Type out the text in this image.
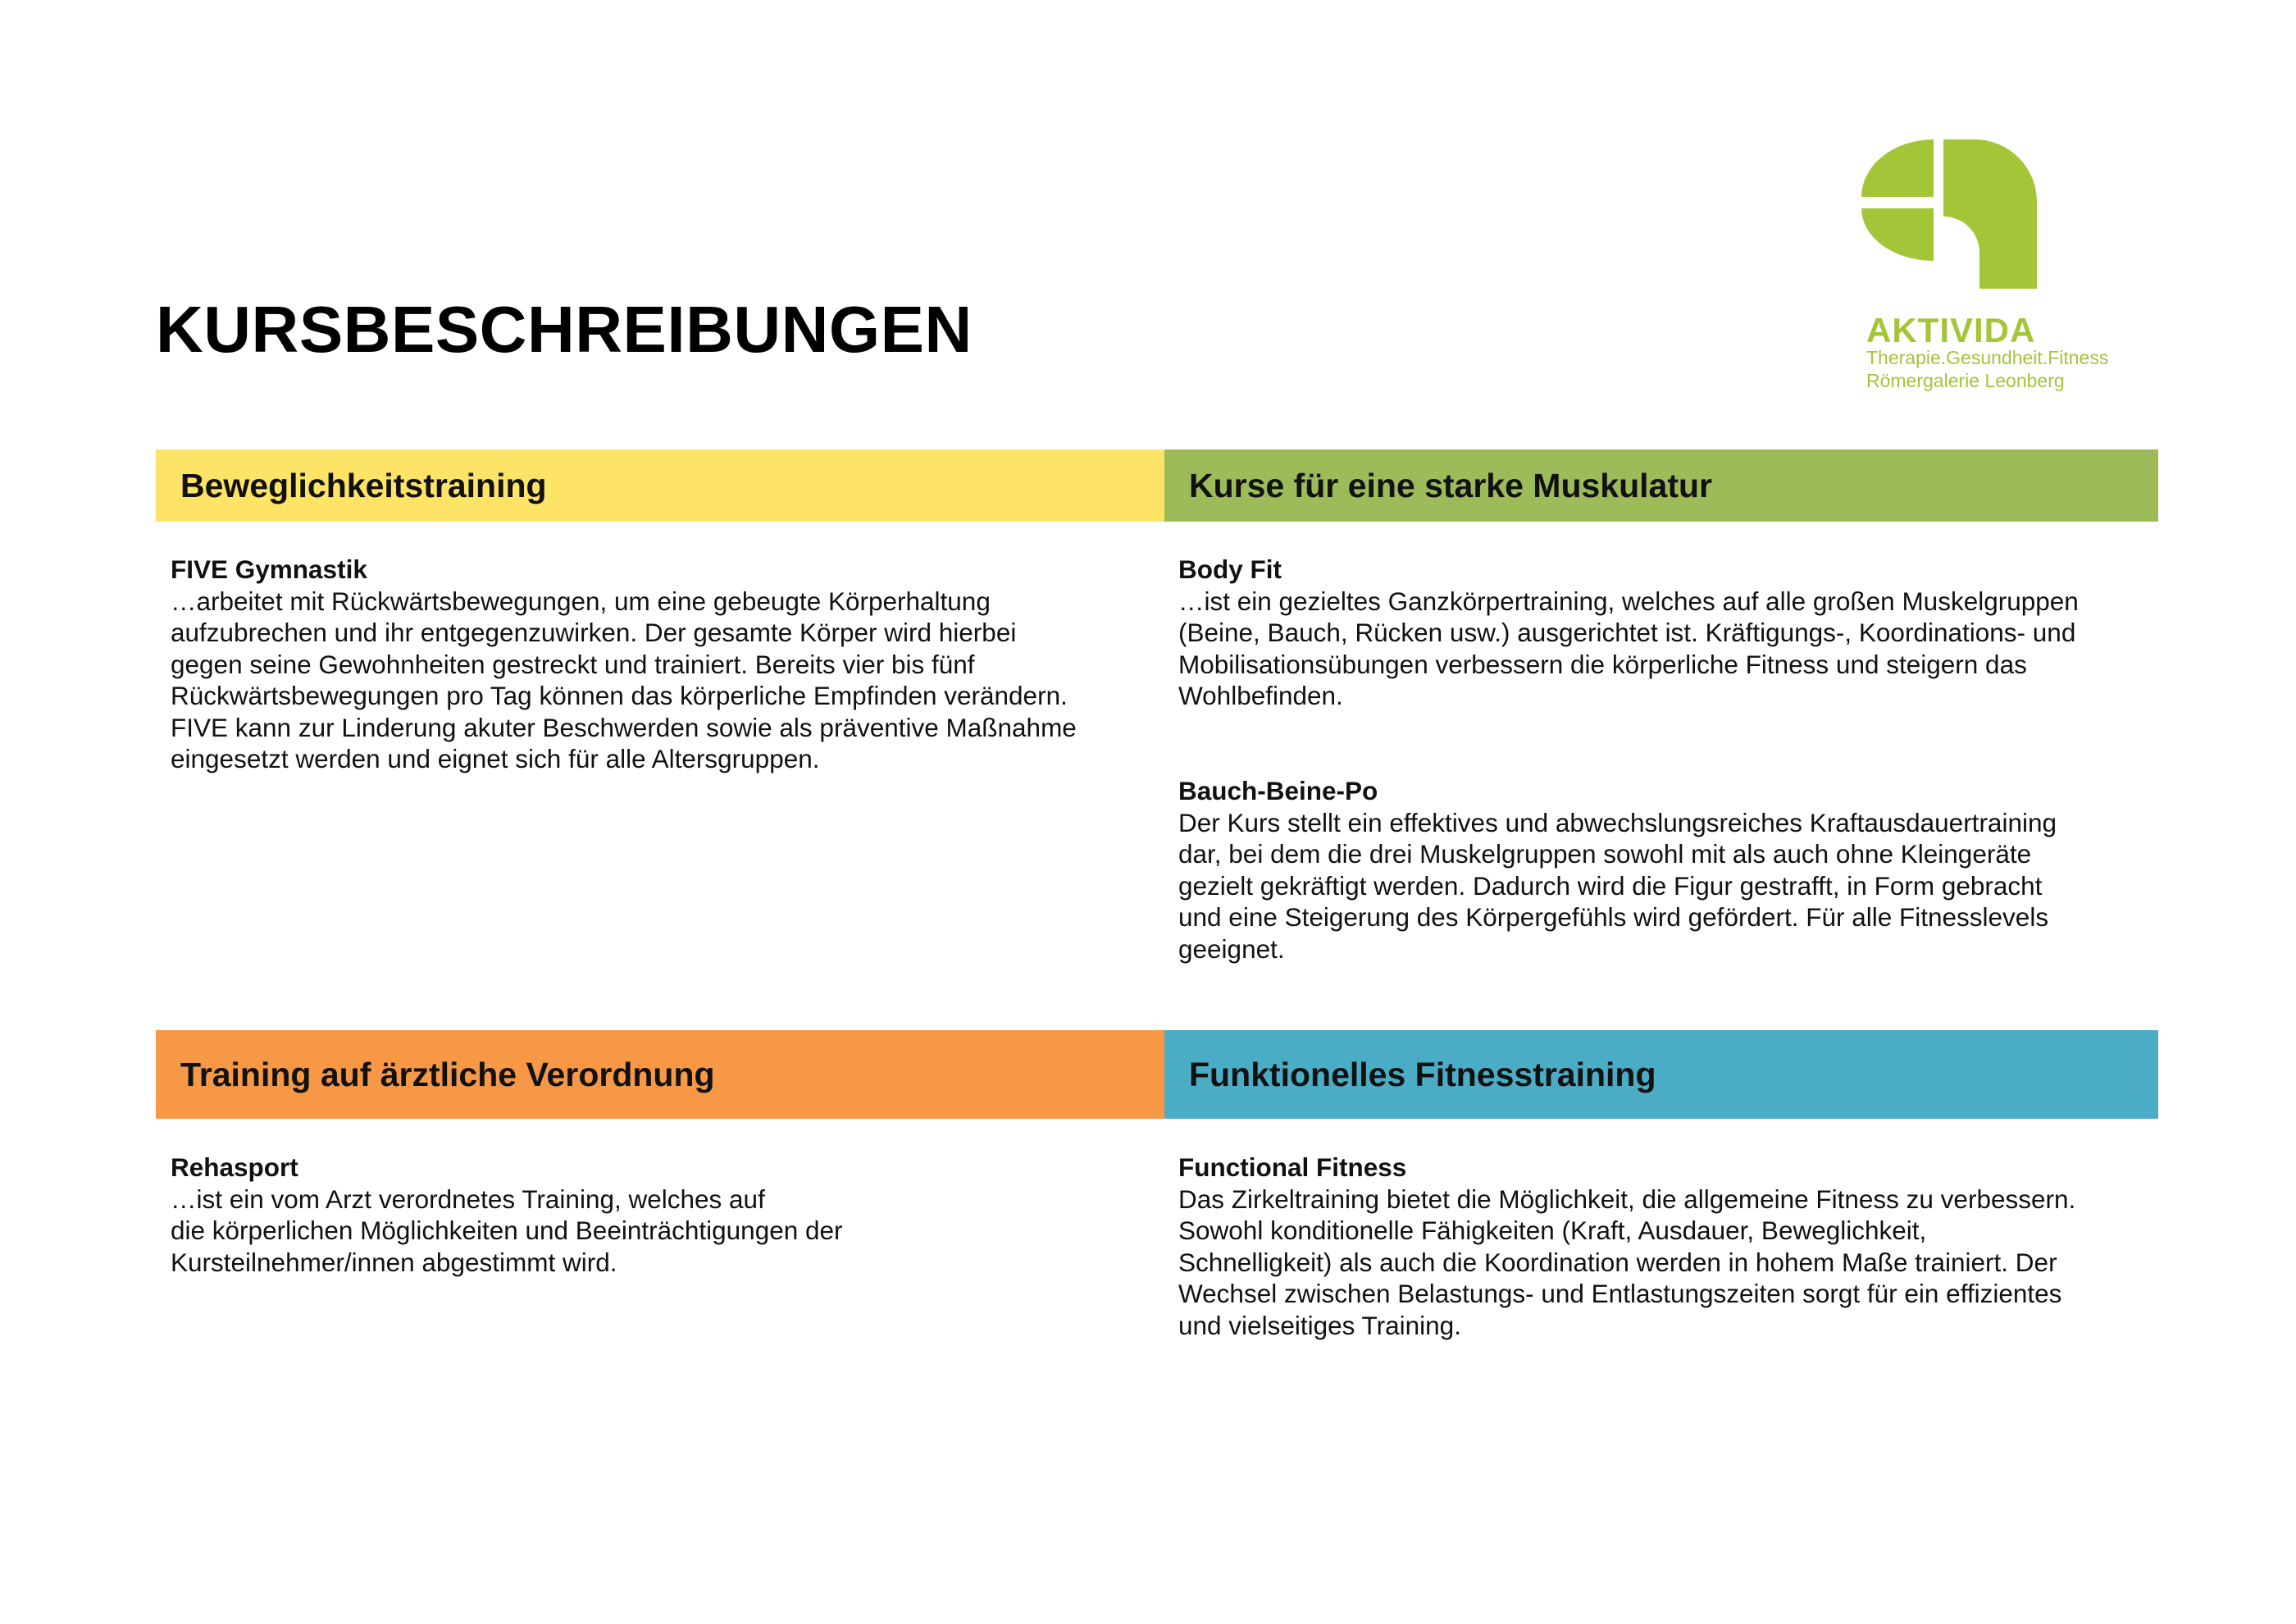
KURSBESCHREIBUNGEN	AKTIVIDA
Therapie.Gesundheit.Fitness
Römergalerie Leonberg
Beweglichkeitstraining	Kurse für eine starke Muskulatur
Training auf ärztliche Verordnung	Funktionelles Fitnesstraining
FIVE Gymnastik
…arbeitet mit Rückwärtsbewegungen, um eine gebeugte Körperhaltung
aufzubrechen und ihr entgegenzuwirken. Der gesamte Körper wird hierbei
gegen seine Gewohnheiten gestreckt und trainiert. Bereits vier bis fünf
Rückwärtsbewegungen pro Tag können das körperliche Empfinden verändern.
FIVE kann zur Linderung akuter Beschwerden sowie als präventive Maßnahme
eingesetzt werden und eignet sich für alle Altersgruppen.
Body Fit
…ist ein gezieltes Ganzkörpertraining, welches auf alle großen Muskelgruppen
(Beine, Bauch, Rücken usw.) ausgerichtet ist. Kräftigungs-, Koordinations- und
Mobilisationsübungen verbessern die körperliche Fitness und steigern das
Wohlbefinden.
Bauch-Beine-Po
Der Kurs stellt ein effektives und abwechslungsreiches Kraftausdauertraining
dar, bei dem die drei Muskelgruppen sowohl mit als auch ohne Kleingeräte
gezielt gekräftigt werden. Dadurch wird die Figur gestrafft, in Form gebracht
und eine Steigerung des Körpergefühls wird gefördert. Für alle Fitnesslevels
geeignet.
Rehasport
…ist ein vom Arzt verordnetes Training, welches auf
die körperlichen Möglichkeiten und Beeinträchtigungen der
Kursteilnehmer/innen abgestimmt wird.
Functional Fitness
Das Zirkeltraining bietet die Möglichkeit, die allgemeine Fitness zu verbessern.
Sowohl konditionelle Fähigkeiten (Kraft, Ausdauer, Beweglichkeit,
Schnelligkeit) als auch die Koordination werden in hohem Maße trainiert. Der
Wechsel zwischen Belastungs- und Entlastungszeiten sorgt für ein effizientes
und vielseitiges Training.
